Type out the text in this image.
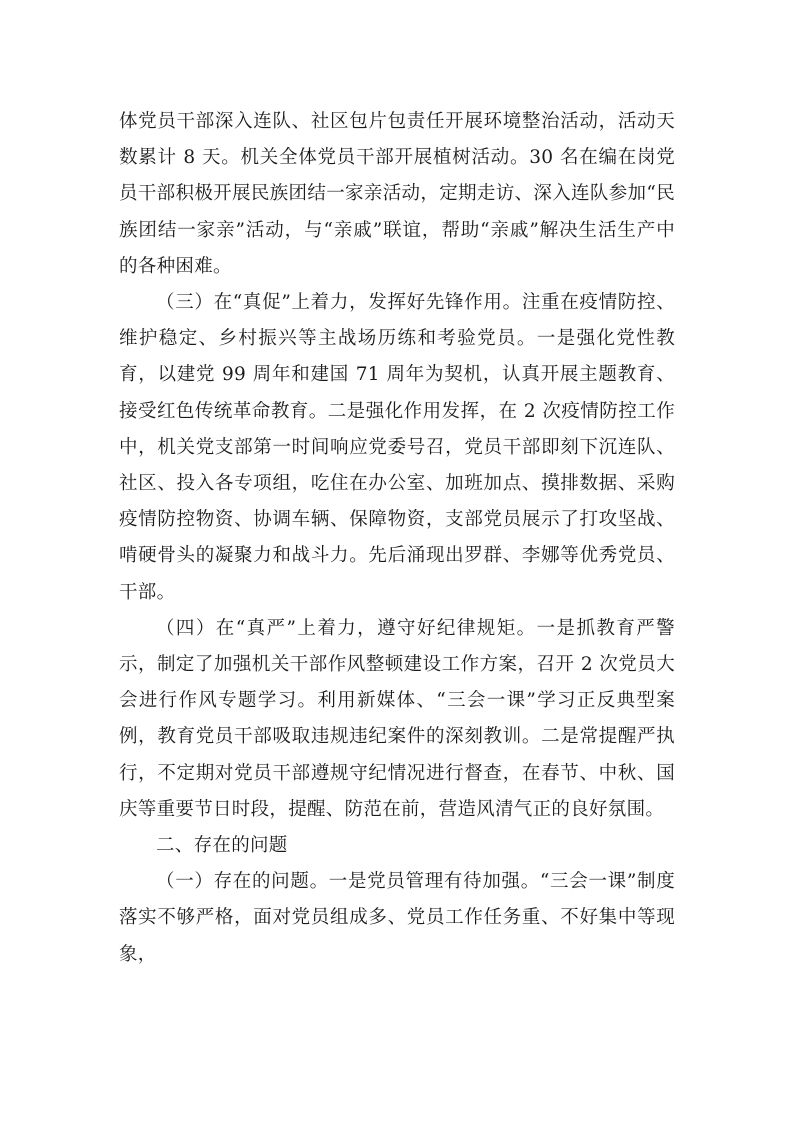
体党员干部深入连队、社区包片包责任开展环境整治活动，活动天数累计 8 天。机关全体党员干部开展植树活动。30 名在编在岗党员干部积极开展民族团结一家亲活动，定期走访、深入连队参加“民族团结一家亲”活动，与“亲戚”联谊，帮助“亲戚”解决生活生产中的各种困难。

（三）在“真促”上着力，发挥好先锋作用。注重在疫情防控、维护稳定、乡村振兴等主战场历练和考验党员。一是强化党性教育，以建党 99 周年和建国 71 周年为契机，认真开展主题教育、接受红色传统革命教育。二是强化作用发挥，在 2 次疫情防控工作中，机关党支部第一时间响应党委号召，党员干部即刻下沉连队、社区、投入各专项组，吃住在办公室、加班加点、摸排数据、采购疫情防控物资、协调车辆、保障物资，支部党员展示了打攻坚战、啃硬骨头的凝聚力和战斗力。先后涌现出罗群、李娜等优秀党员、干部。

（四）在“真严”上着力，遵守好纪律规矩。一是抓教育严警示，制定了加强机关干部作风整顿建设工作方案，召开 2 次党员大会进行作风专题学习。利用新媒体、“三会一课”学习正反典型案例，教育党员干部吸取违规违纪案件的深刻教训。二是常提醒严执行，不定期对党员干部遵规守纪情况进行督查，在春节、中秋、国庆等重要节日时段，提醒、防范在前，营造风清气正的良好氛围。

二、存在的问题

（一）存在的问题。一是党员管理有待加强。“三会一课”制度落实不够严格，面对党员组成多、党员工作任务重、不好集中等现象，
